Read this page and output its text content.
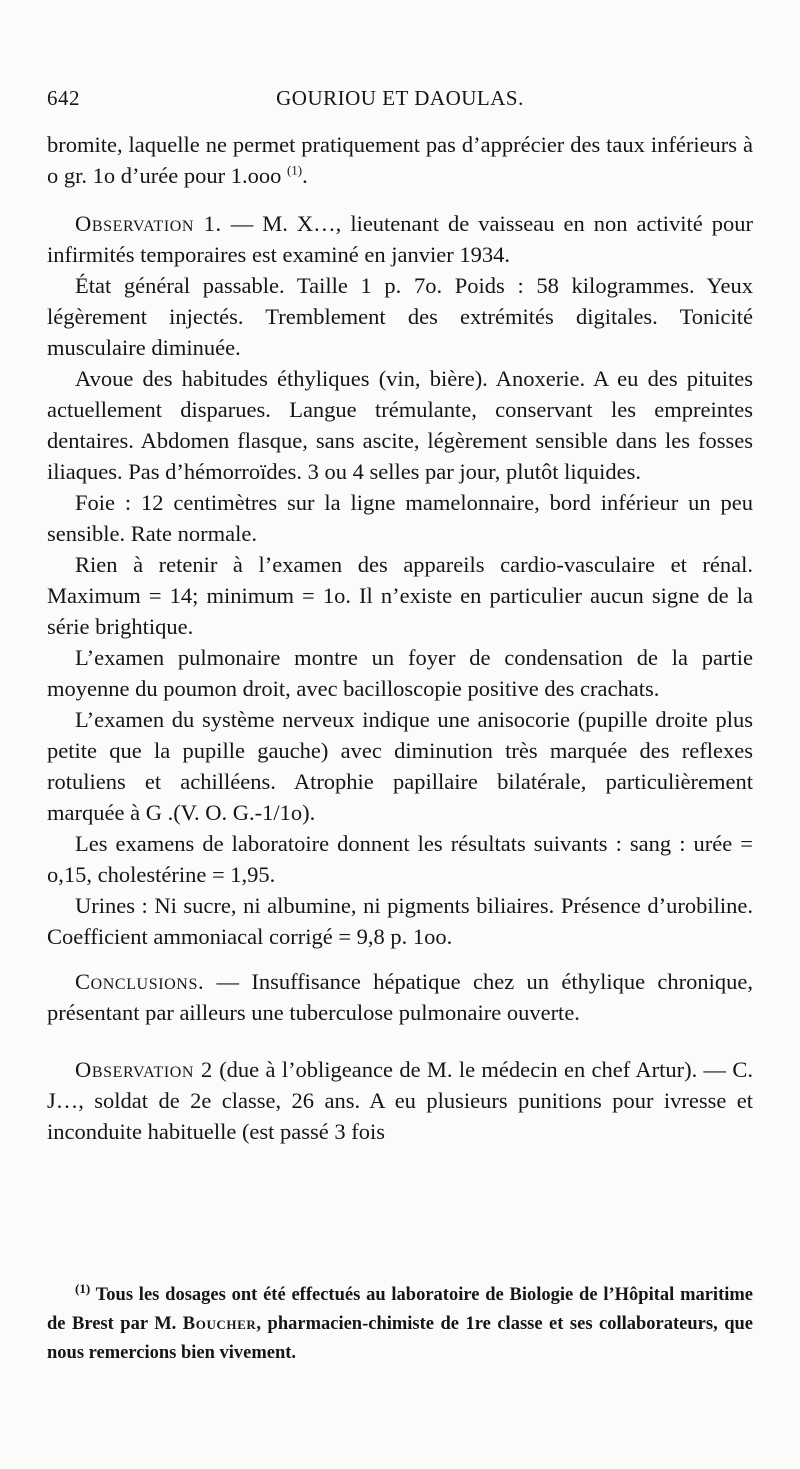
642	GOURIOU ET DAOULAS.

bromite, laquelle ne permet pratiquement pas d’apprécier des taux inférieurs à o gr. 1o d’urée pour 1.ooo $^{(1)}$.

Observation 1. — M. X…, lieutenant de vaisseau en non activité pour infirmités temporaires est examiné en janvier 1934.

État général passable. Taille 1 p. 7o. Poids : 58 kilogrammes. Yeux légèrement injectés. Tremblement des extrémités digitales. Tonicité musculaire diminuée.

Avoue des habitudes éthyliques (vin, bière). Anoxerie. A eu des pituites actuellement disparues. Langue trémulante, conservant les empreintes dentaires. Abdomen flasque, sans ascite, légèrement sensible dans les fosses iliaques. Pas d’hémorroïdes. 3 ou 4 selles par jour, plutôt liquides.

Foie : 12 centimètres sur la ligne mamelonnaire, bord inférieur un peu sensible. Rate normale.

Rien à retenir à l’examen des appareils cardio-vasculaire et rénal. Maximum = 14; minimum = 1o. Il n’existe en particulier aucun signe de la série brightique.

L’examen pulmonaire montre un foyer de condensation de la partie moyenne du poumon droit, avec bacilloscopie positive des crachats.

L’examen du système nerveux indique une anisocorie (pupille droite plus petite que la pupille gauche) avec diminution très marquée des reflexes rotuliens et achilléens. Atrophie papillaire bilatérale, particulièrement marquée à G .(V. O. G.-1/1o).

Les examens de laboratoire donnent les résultats suivants : sang : urée = o,15, cholestérine = 1,95.

Urines : Ni sucre, ni albumine, ni pigments biliaires. Présence d’urobiline. Coefficient ammoniacal corrigé = 9,8 p. 1oo.

Conclusions. — Insuffisance hépatique chez un éthylique chronique, présentant par ailleurs une tuberculose pulmonaire ouverte.

Observation 2 (due à l’obligeance de M. le médecin en chef Artur). — C. J…, soldat de 2e classe, 26 ans. A eu plusieurs punitions pour ivresse et inconduite habituelle (est passé 3 fois

$^{(1)}$ Tous les dosages ont été effectués au laboratoire de Biologie de l’Hôpital maritime de Brest par M. Boucher, pharmacien-chimiste de 1re classe et ses collaborateurs, que nous remercions bien vivement.
